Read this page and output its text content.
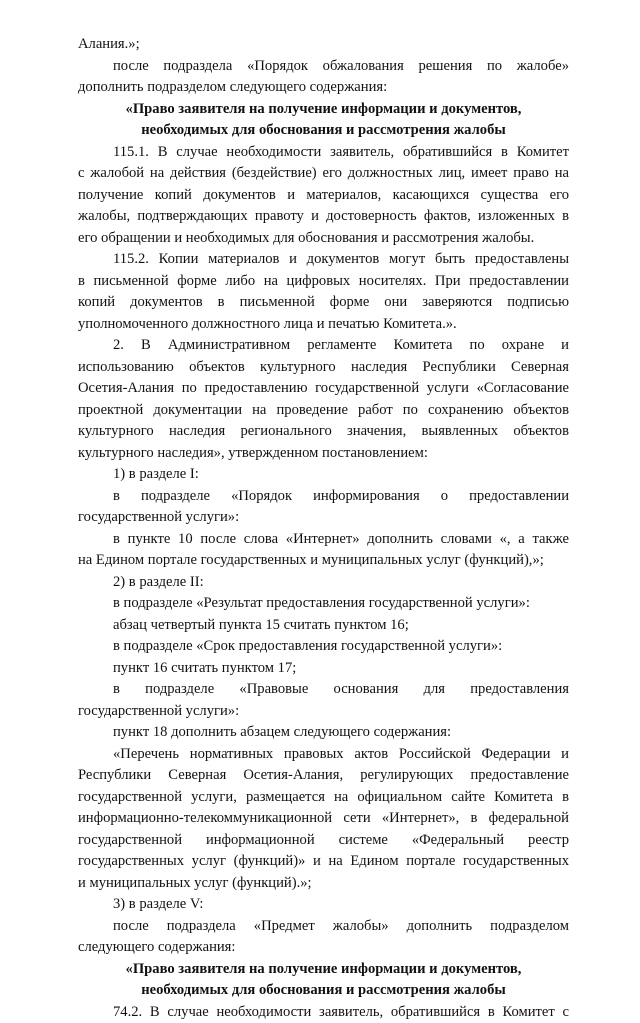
Алания.»;
после подраздела «Порядок обжалования решения по жалобе»
дополнить подразделом следующего содержания:
«Право заявителя на получение информации и документов,
необходимых для обоснования и рассмотрения жалобы
115.1. В случае необходимости заявитель, обратившийся в Комитет
с жалобой на действия (бездействие) его должностных лиц, имеет право на
получение копий документов и материалов, касающихся существа его
жалобы, подтверждающих правоту и достоверность фактов, изложенных в
его обращении и необходимых для обоснования и рассмотрения жалобы.
115.2. Копии материалов и документов могут быть предоставлены
в письменной форме либо на цифровых носителях. При предоставлении
копий документов в письменной форме они заверяются подписью
уполномоченного должностного лица и печатью Комитета.».
2. В Административном регламенте Комитета по охране и
использованию объектов культурного наследия Республики Северная
Осетия-Алания по предоставлению государственной услуги «Согласование
проектной документации на проведение работ по сохранению объектов
культурного наследия регионального значения, выявленных объектов
культурного наследия», утвержденном постановлением:
1) в разделе I:
в подразделе «Порядок информирования о предоставлении
государственной услуги»:
в пункте 10 после слова «Интернет» дополнить словами «, а также
на Едином портале государственных и муниципальных услуг (функций),»;
2) в разделе II:
в подразделе «Результат предоставления государственной услуги»:
абзац четвертый пункта 15 считать пунктом 16;
в подразделе «Срок предоставления государственной услуги»:
пункт 16 считать пунктом 17;
в подразделе «Правовые основания для предоставления
государственной услуги»:
пункт 18 дополнить абзацем следующего содержания:
«Перечень нормативных правовых актов Российской Федерации и
Республики Северная Осетия-Алания, регулирующих предоставление
государственной услуги, размещается на официальном сайте Комитета в
информационно-телекоммуникационной сети «Интернет», в федеральной
государственной информационной системе «Федеральный реестр
государственных услуг (функций)» и на Едином портале государственных
и муниципальных услуг (функций).»;
3) в разделе V:
после подраздела «Предмет жалобы» дополнить подразделом
следующего содержания:
«Право заявителя на получение информации и документов,
необходимых для обоснования и рассмотрения жалобы
74.2. В случае необходимости заявитель, обратившийся в Комитет с
